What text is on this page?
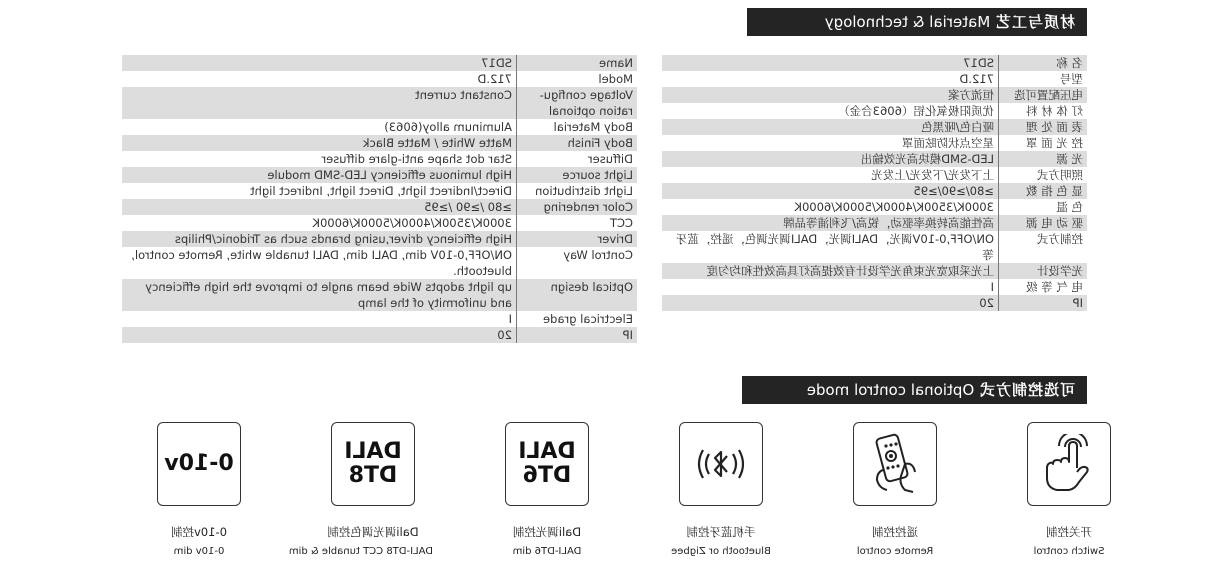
材质与工艺 Material & technology
名 称	SD17
型号	712.D
电压配置可选	恒流方案
灯 体 材 料	优质阳极氧化铝（6063合金）
表 面 处 理	哑白色/哑黑色
控 光 面 罩	星空点状防眩面罩
光 源	LED-SMD模块高光效输出
照明方式	上下发光/下发光/上发光
显 色 指 数	≥80/≥90/≥95
色 温	3000K/3500K/4000K/5000K/6000K
驱 动 电 源	高性能高转换率驱动，锐高/飞利浦等品牌
控制方式	ON/OFF,0-10V调光，DALI调光，DALI调光调色，遥控，蓝牙等
光学设计	上光采取宽光束角光学设计有效提高灯具高效性和均匀度
电 气 等 级	I
IP	20
Name	SD17
Model	712.D
Voltage configu-ration optional	Constant current
Body Material	Aluminum alloy(6063)
Body Finish	Matte White / Matte Black
Diffuser	Star dot shape anti-glare diffuser
Light source	High luminous efficiency LED-SMD module
Light distribution	Direct/Indirect light, Direct light, Indirect light
Color rendering	≥80 /≥90 /≥95
CCT	3000K/3500K/4000K/5000K/6000K
Driver	High efficiency driver,using brands such as Tridonic/Philips
Control Way	ON/OFF,0-10V dim, DALI dim, DALI tunable white, Remote control, bluetooth.
Optical design	up light adopts Wide beam angle to improve the high efficiency and uniformity of the lamp
Electrical grade	I
IP	20
可选控制方式 Optional control mode
开关控制
Switch control
遥控控制
Remote control
手机蓝牙控制
Bluetooth or Zigbee
DALI
DT6
Dali调光控制
DALI-DT6 dim
DALI
DT8
Dali调光调色控制
DALI-DT8 CCT tunable & dim
0-10v
0-10v控制
0-10v dim
